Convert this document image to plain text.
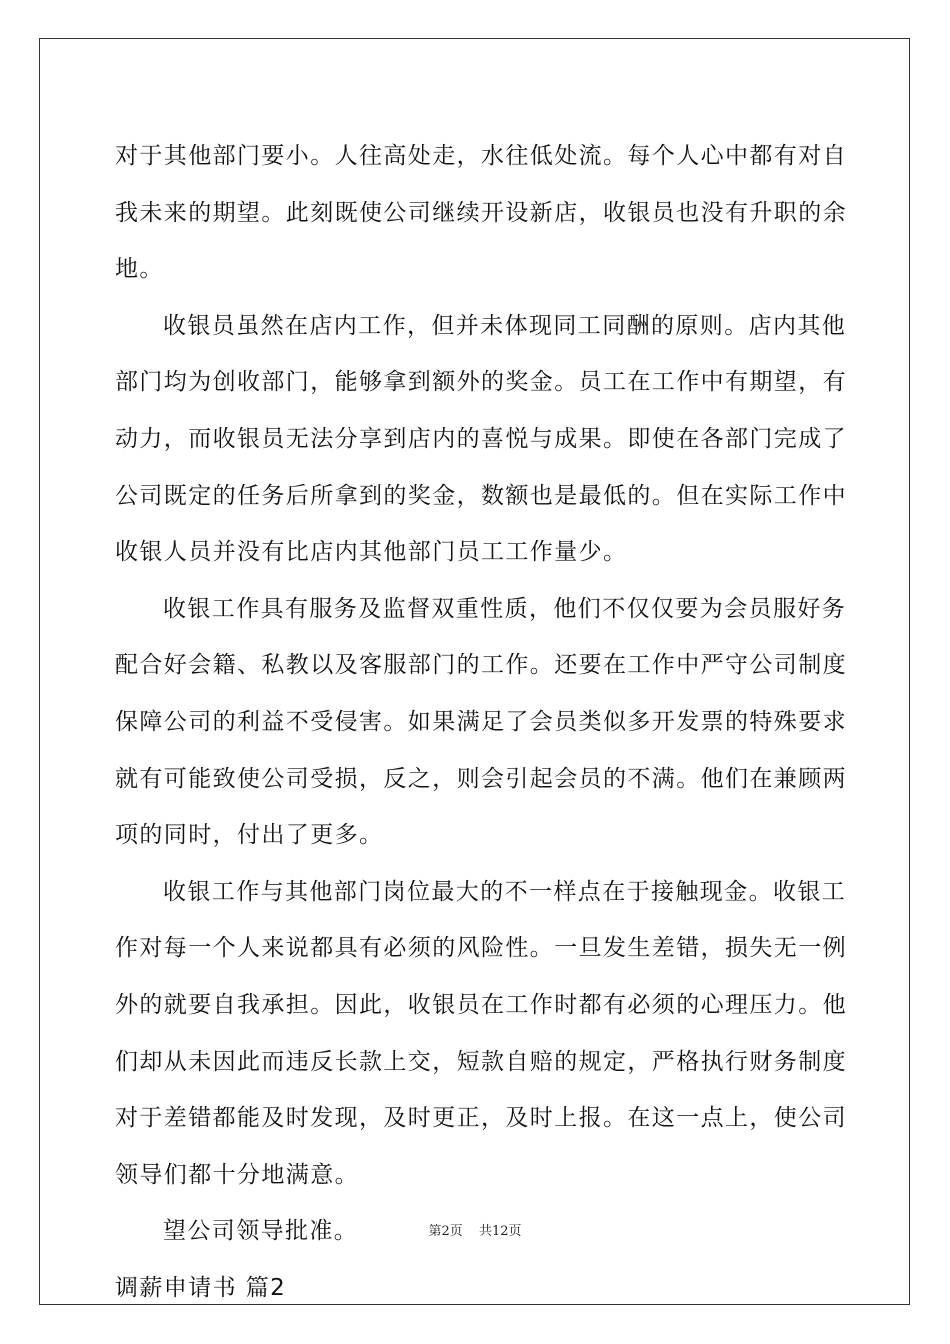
对于其他部门要小。人往高处走，水往低处流。每个人心中都有对自
我未来的期望。此刻既使公司继续开设新店，收银员也没有升职的余
地。
收银员虽然在店内工作，但并未体现同工同酬的原则。店内其他
部门均为创收部门，能够拿到额外的奖金。员工在工作中有期望，有
动力，而收银员无法分享到店内的喜悦与成果。即使在各部门完成了
公司既定的任务后所拿到的奖金，数额也是最低的。但在实际工作中
收银人员并没有比店内其他部门员工工作量少。
收银工作具有服务及监督双重性质，他们不仅仅要为会员服好务
配合好会籍、私教以及客服部门的工作。还要在工作中严守公司制度
保障公司的利益不受侵害。如果满足了会员类似多开发票的特殊要求
就有可能致使公司受损，反之，则会引起会员的不满。他们在兼顾两
项的同时，付出了更多。
收银工作与其他部门岗位最大的不一样点在于接触现金。收银工
作对每一个人来说都具有必须的风险性。一旦发生差错，损失无一例
外的就要自我承担。因此，收银员在工作时都有必须的心理压力。他
们却从未因此而违反长款上交，短款自赔的规定，严格执行财务制度
对于差错都能及时发现，及时更正，及时上报。在这一点上，使公司
领导们都十分地满意。
望公司领导批准。
调薪申请书 篇2
第2页 共12页
